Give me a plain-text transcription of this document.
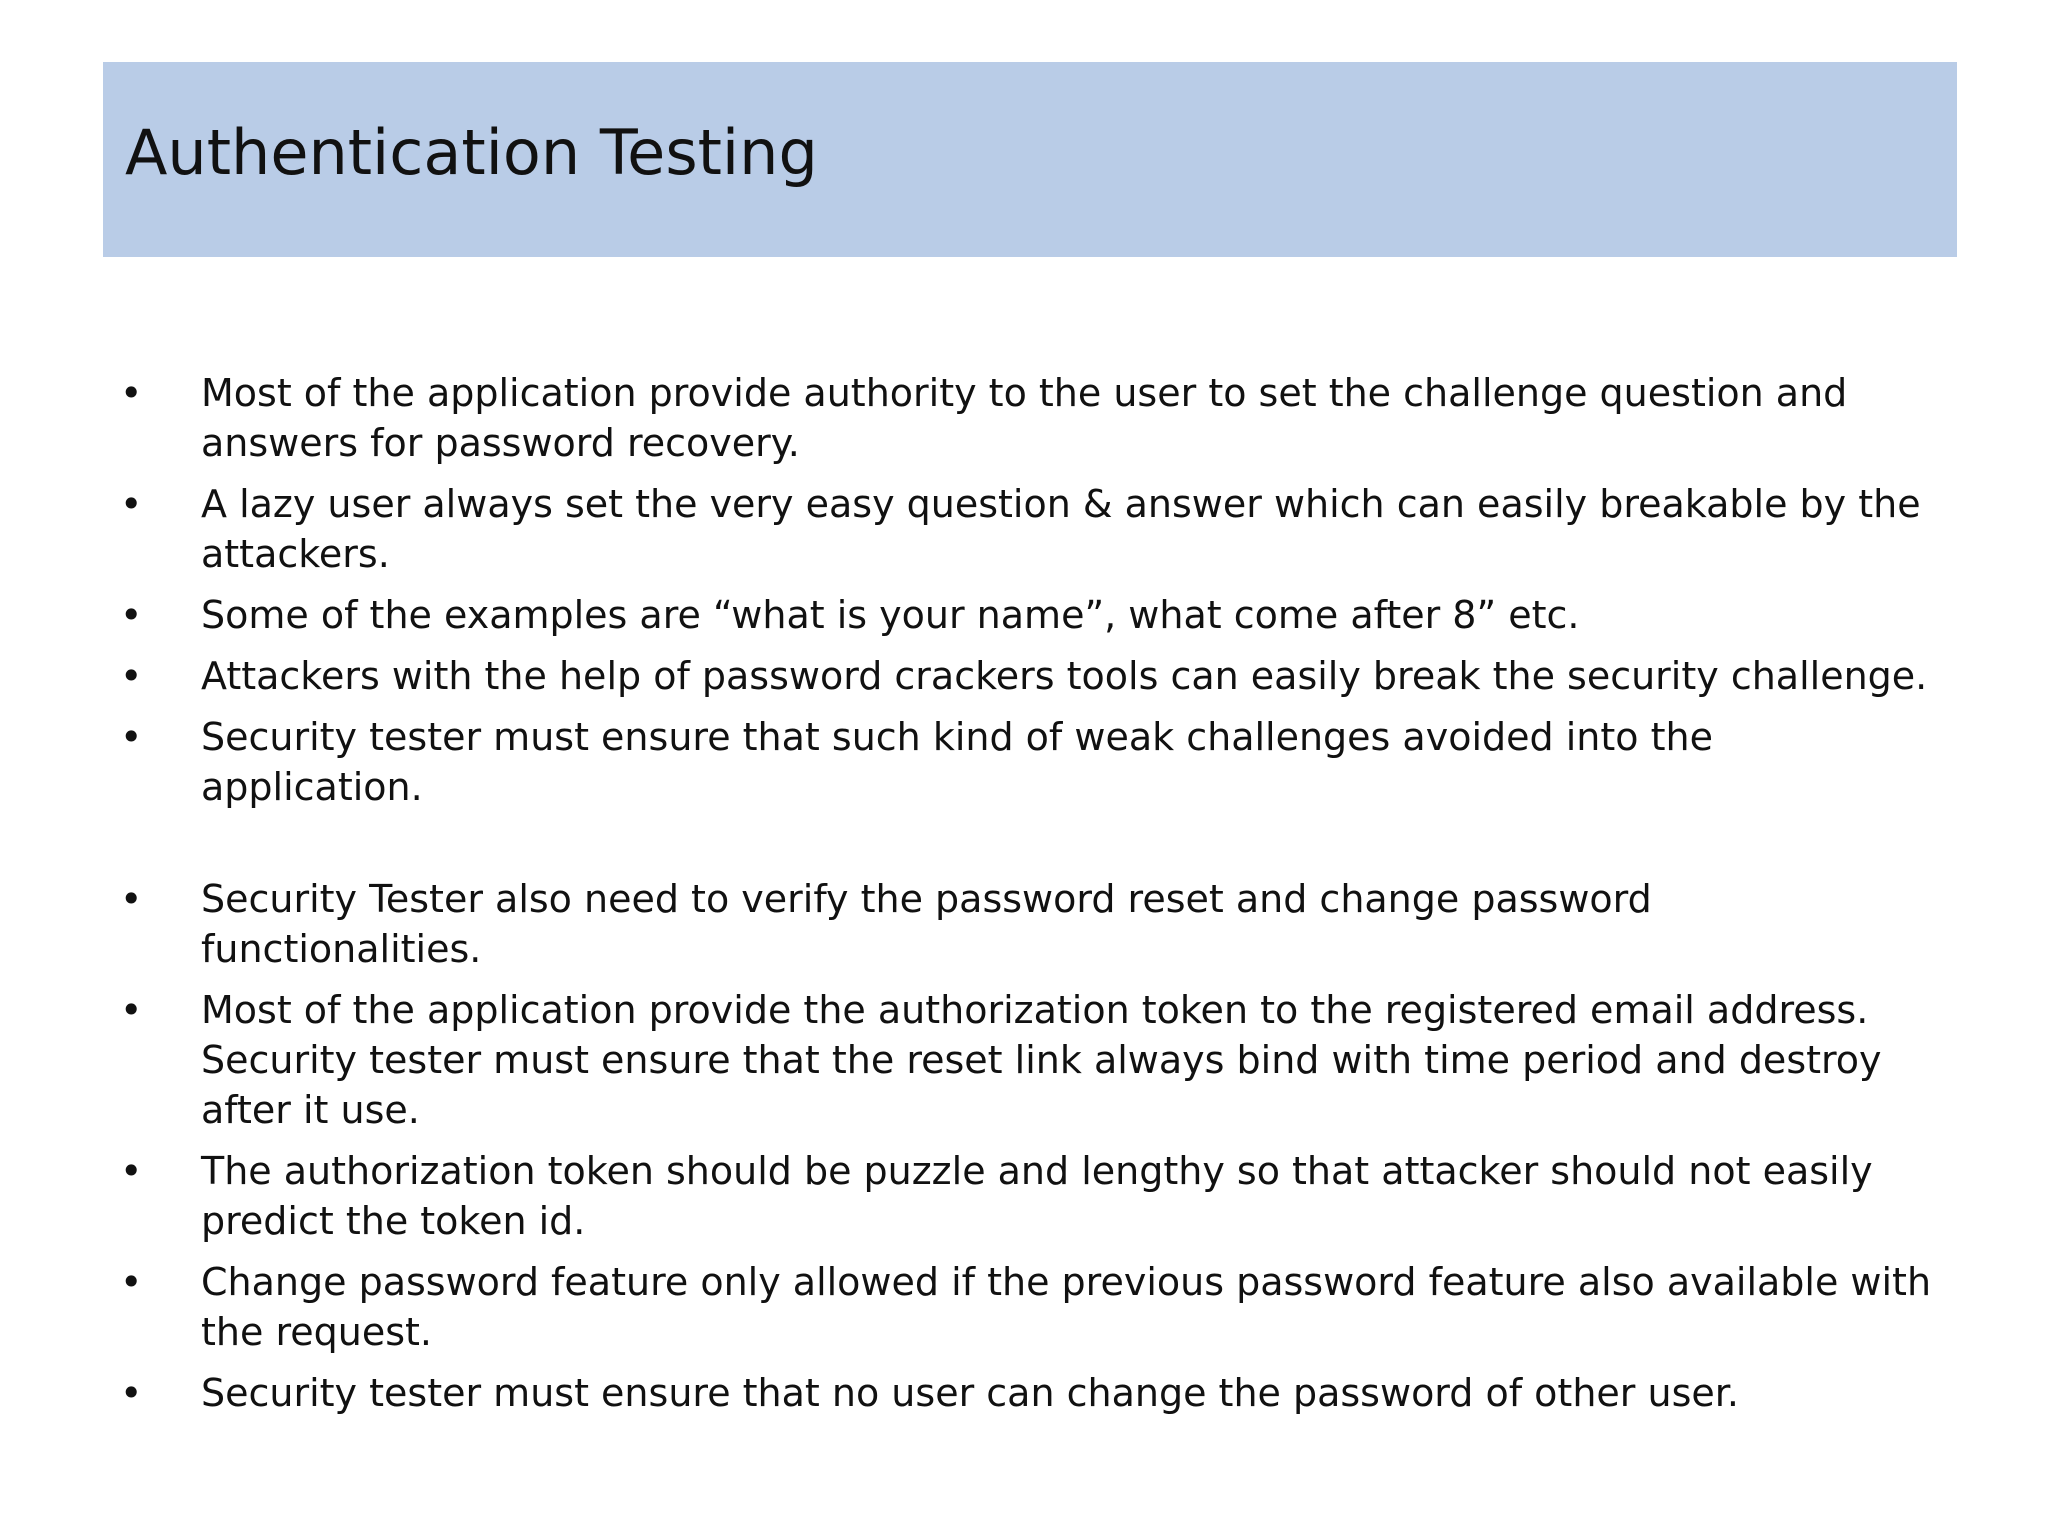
Authentication Testing
• Most of the application provide authority to the user to set the challenge question and answers for password recovery.
• A lazy user always set the very easy question & answer which can easily breakable by the attackers.
• Some of the examples are “what is your name”, what come after 8” etc.
• Attackers with the help of password crackers tools can easily break the security challenge.
• Security tester must ensure that such kind of weak challenges avoided into the application.
• Security Tester also need to verify the password reset and change password functionalities.
• Most of the application provide the authorization token to the registered email address. Security tester must ensure that the reset link always bind with time period and destroy after it use.
• The authorization token should be puzzle and lengthy so that attacker should not easily predict the token id.
• Change password feature only allowed if the previous password feature also available with the request.
• Security tester must ensure that no user can change the password of other user.
